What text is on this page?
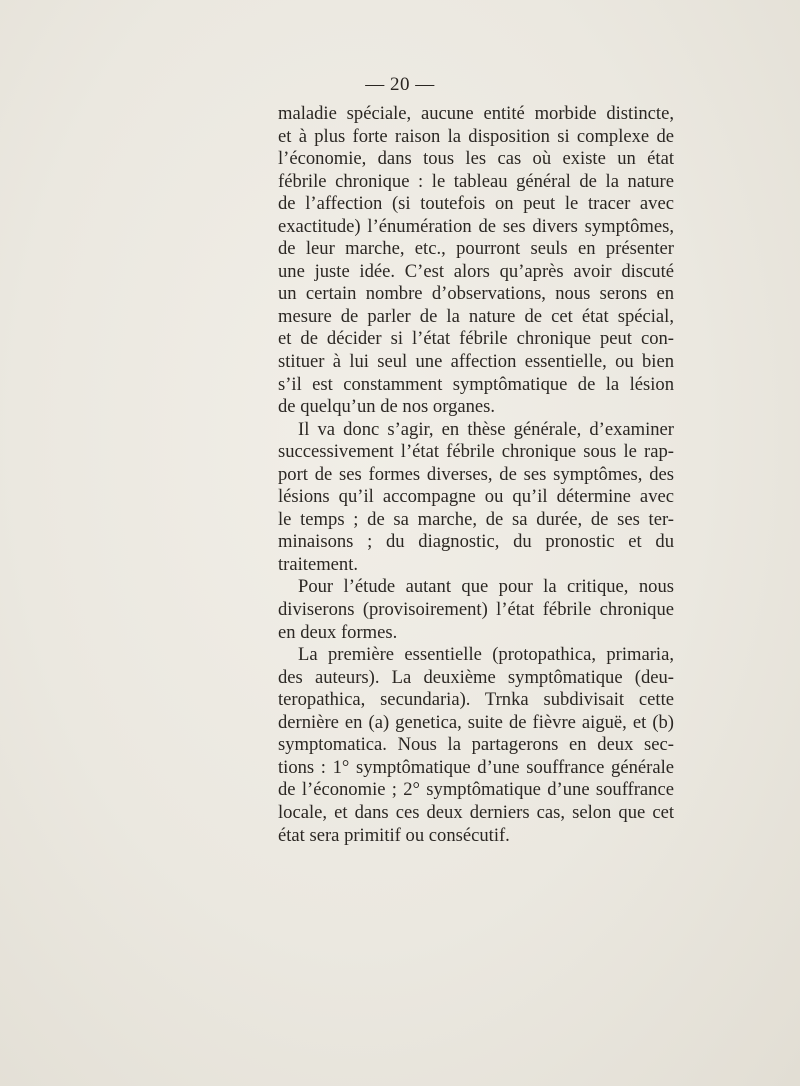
— 20 —
maladie spéciale, aucune entité morbide distincte,
et à plus forte raison la disposition si complexe de
l’économie, dans tous les cas où existe un état
fébrile chronique : le tableau général de la nature
de l’affection (si toutefois on peut le tracer avec
exactitude) l’énumération de ses divers symptômes,
de leur marche, etc., pourront seuls en présenter
une juste idée. C’est alors qu’après avoir discuté
un certain nombre d’observations, nous serons en
mesure de parler de la nature de cet état spécial,
et de décider si l’état fébrile chronique peut con-
stituer à lui seul une affection essentielle, ou bien
s’il est constamment symptômatique de la lésion
de quelqu’un de nos organes.
Il va donc s’agir, en thèse générale, d’examiner
successivement l’état fébrile chronique sous le rap-
port de ses formes diverses, de ses symptômes, des
lésions qu’il accompagne ou qu’il détermine avec
le temps ; de sa marche, de sa durée, de ses ter-
minaisons ; du diagnostic, du pronostic et du
traitement.
Pour l’étude autant que pour la critique, nous
diviserons (provisoirement) l’état fébrile chronique
en deux formes.
La première essentielle (protopathica, primaria,
des auteurs). La deuxième symptômatique (deu-
teropathica, secundaria). Trnka subdivisait cette
dernière en (a) genetica, suite de fièvre aiguë, et (b)
symptomatica. Nous la partagerons en deux sec-
tions : 1° symptômatique d’une souffrance générale
de l’économie ; 2° symptômatique d’une souffrance
locale, et dans ces deux derniers cas, selon que cet
état sera primitif ou consécutif.
